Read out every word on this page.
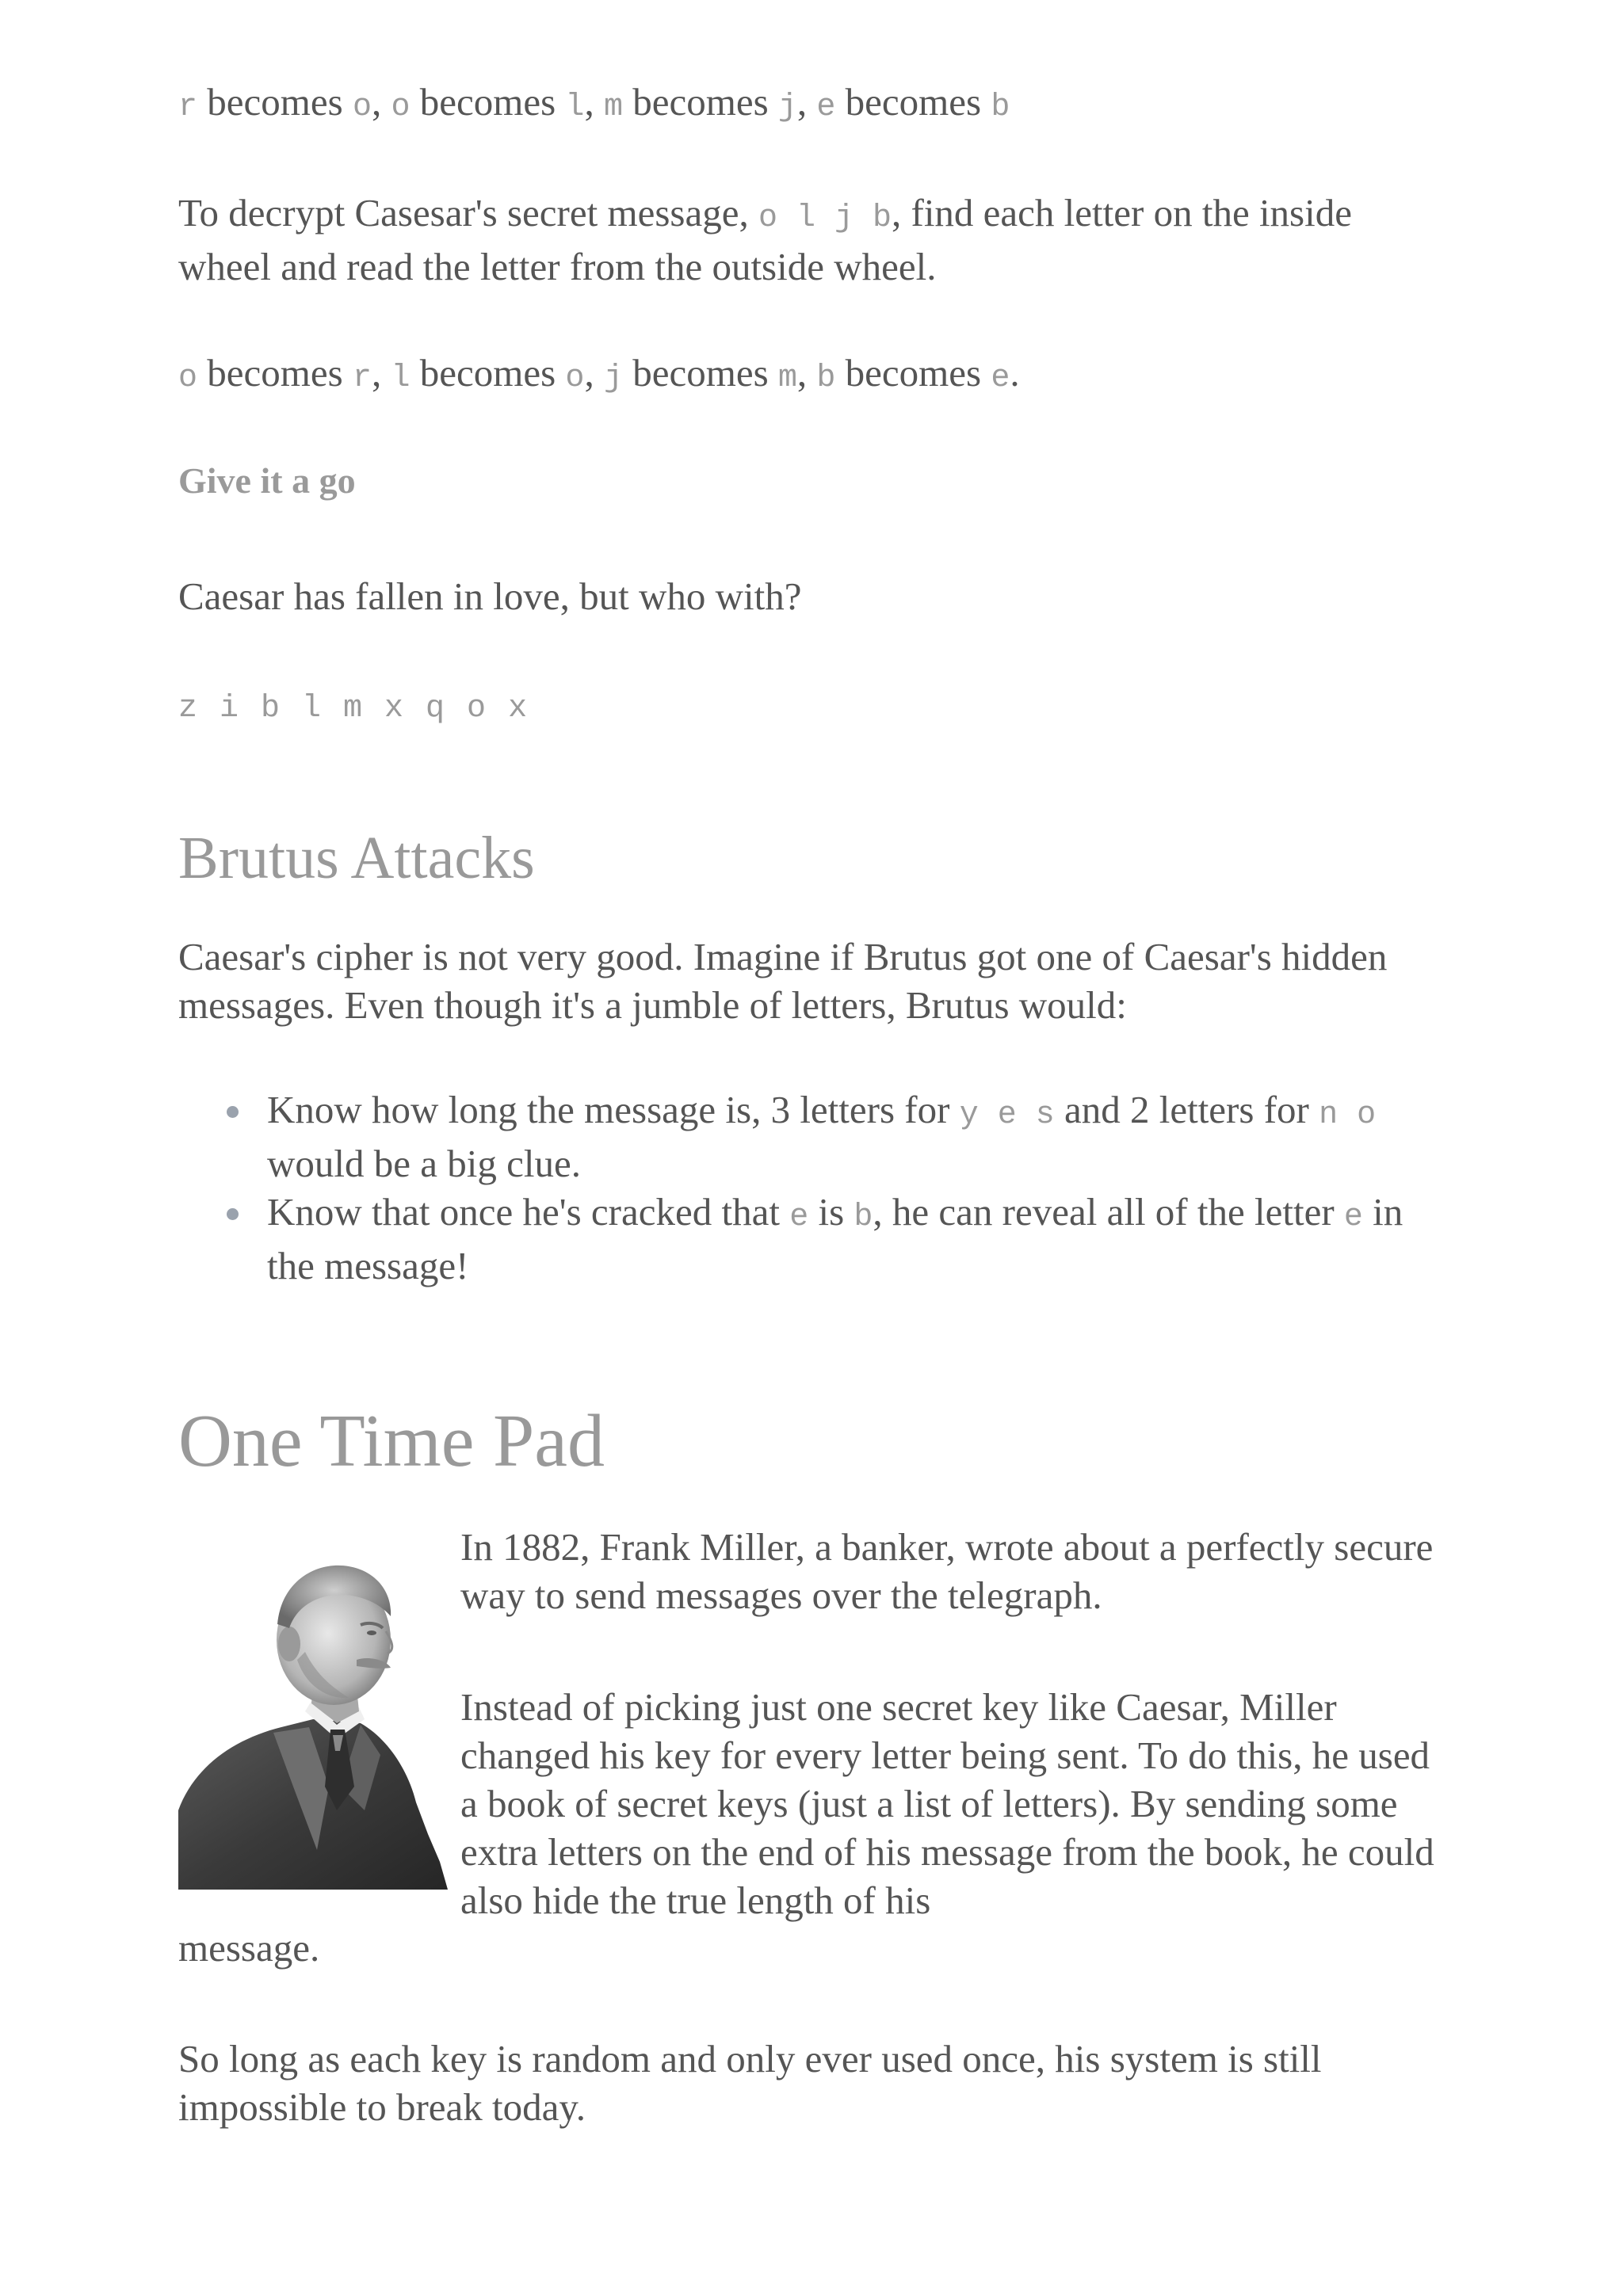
r becomes o, o becomes l, m becomes j, e becomes b

To decrypt Casesar's secret message, o l j b, find each letter on the inside wheel and read the letter from the outside wheel.

o becomes r, l becomes o, j becomes m, b becomes e.

Give it a go

Caesar has fallen in love, but who with?

z i b l m x q o x

Brutus Attacks

Caesar's cipher is not very good. Imagine if Brutus got one of Caesar's hidden messages. Even though it's a jumble of letters, Brutus would:

Know how long the message is, 3 letters for y e s and 2 letters for n o would be a big clue.
Know that once he's cracked that e is b, he can reveal all of the letter e in the message!
One Time Pad

In 1882, Frank Miller, a banker, wrote about a perfectly secure way to send messages over the telegraph.

Instead of picking just one secret key like Caesar, Miller changed his key for every letter being sent. To do this, he used a book of secret keys (just a list of letters). By sending some extra letters on the end of his message from the book, he could also hide the true length of his

message.

So long as each key is random and only ever used once, his system is still impossible to break today.
